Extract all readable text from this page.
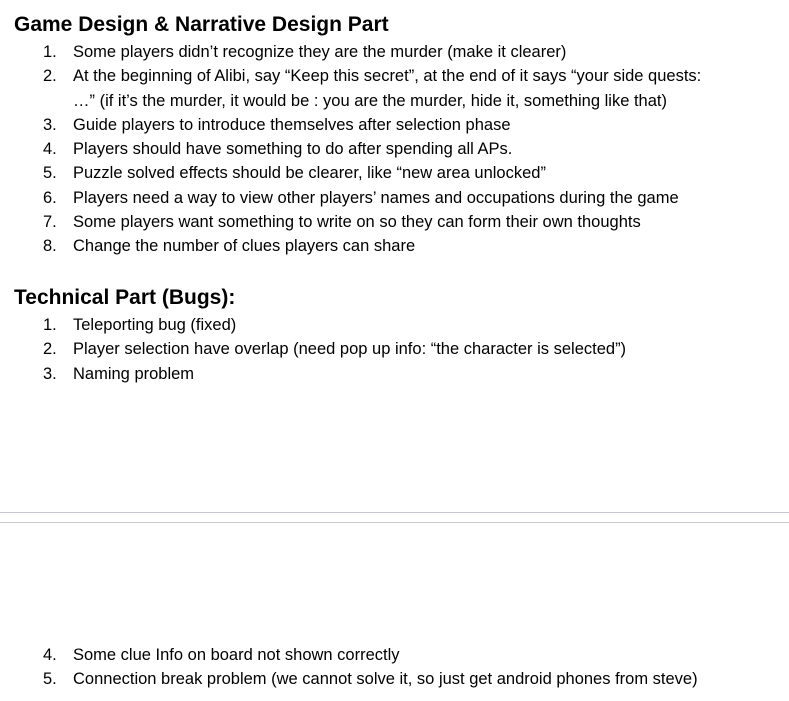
Game Design & Narrative Design Part
1. Some players didn’t recognize they are the murder (make it clearer)
2. At the beginning of Alibi, say “Keep this secret”, at the end of it says “your side quests:
…” (if it’s the murder, it would be : you are the murder, hide it, something like that)
3. Guide players to introduce themselves after selection phase
4. Players should have something to do after spending all APs.
5. Puzzle solved effects should be clearer, like “new area unlocked”
6. Players need a way to view other players’ names and occupations during the game
7. Some players want something to write on so they can form their own thoughts
8. Change the number of clues players can share
Technical Part (Bugs):
1. Teleporting bug (fixed)
2. Player selection have overlap (need pop up info: “the character is selected”)
3. Naming problem
4. Some clue Info on board not shown correctly
5. Connection break problem (we cannot solve it, so just get android phones from steve)
